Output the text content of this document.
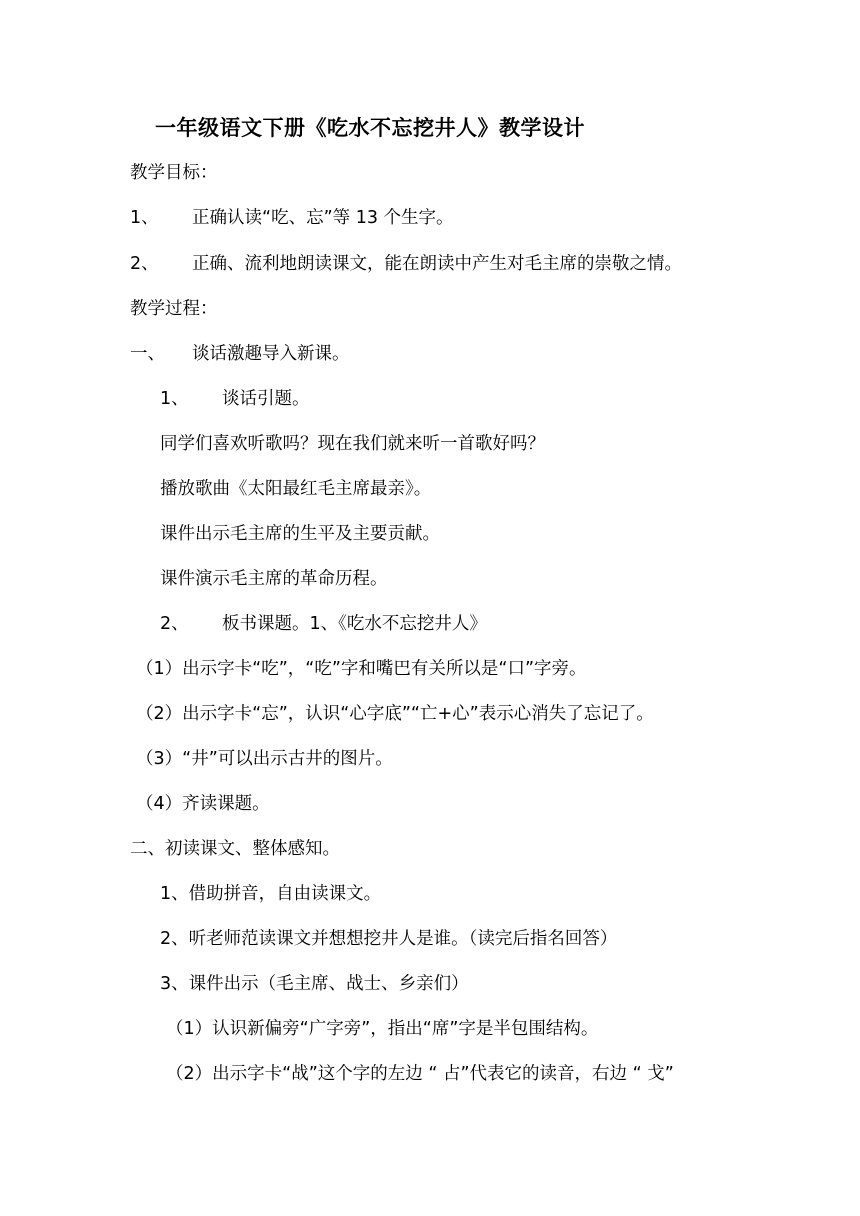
一年级语文下册《吃水不忘挖井人》教学设计
教学目标：
1、 正确认读“吃、忘”等 13 个生字。
2、 正确、流利地朗读课文，能在朗读中产生对毛主席的崇敬之情。
教学过程：
一、 谈话激趣导入新课。
1、 谈话引题。
同学们喜欢听歌吗？现在我们就来听一首歌好吗？
播放歌曲《太阳最红毛主席最亲》。
课件出示毛主席的生平及主要贡献。
课件演示毛主席的革命历程。
2、 板书课题。1、《吃水不忘挖井人》
（1）出示字卡“吃”，“吃”字和嘴巴有关所以是“口”字旁。
（2）出示字卡“忘”，认识“心字底”“亡+心”表示心消失了忘记了。
（3）“井”可以出示古井的图片。
（4）齐读课题。
二、初读课文、整体感知。
1、借助拼音，自由读课文。
2、听老师范读课文并想想挖井人是谁。（读完后指名回答）
3、课件出示（毛主席、战士、乡亲们）
（1）认识新偏旁“广字旁”，指出“席”字是半包围结构。
（2）出示字卡“战”这个字的左边 “ 占”代表它的读音，右边 “ 戈”
